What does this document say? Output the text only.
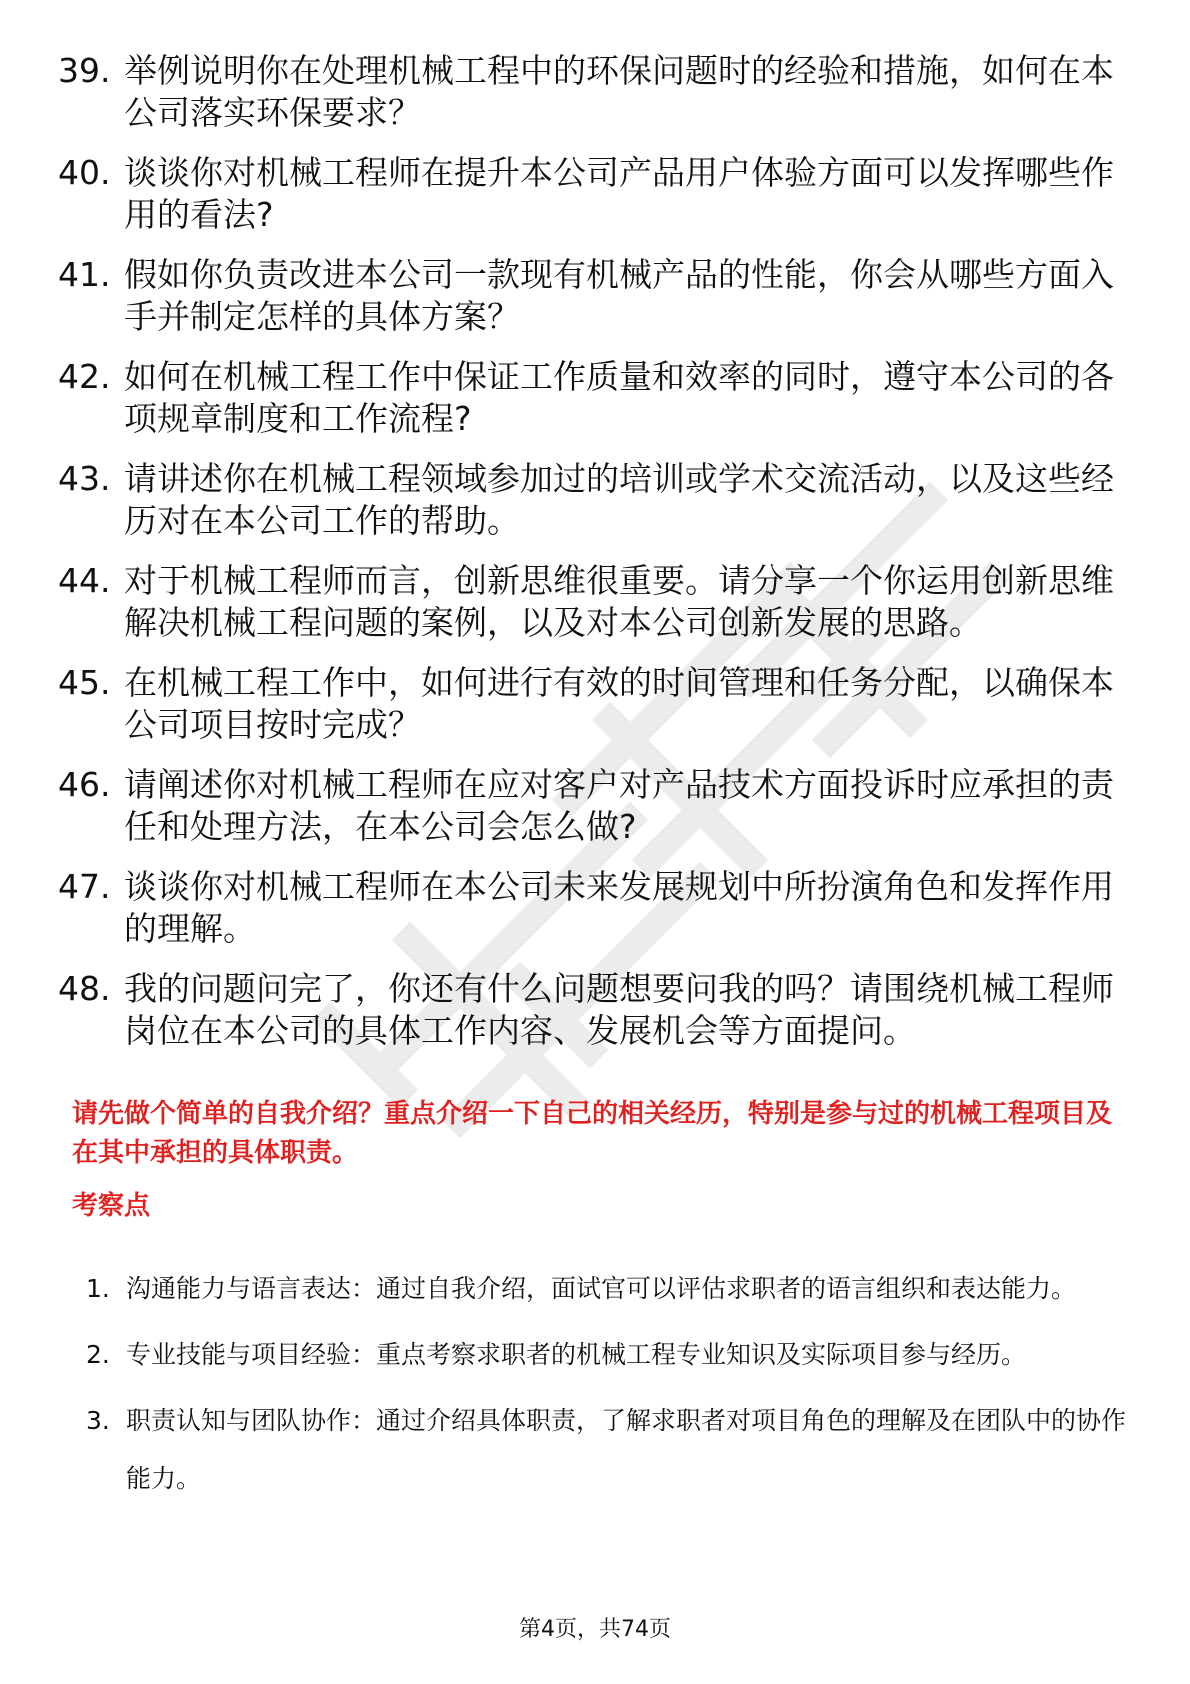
39. 举例说明你在处理机械工程中的环保问题时的经验和措施，如何在本公司落实环保要求？
40. 谈谈你对机械工程师在提升本公司产品用户体验方面可以发挥哪些作用的看法?
41. 假如你负责改进本公司一款现有机械产品的性能，你会从哪些方面入手并制定怎样的具体方案？
42. 如何在机械工程工作中保证工作质量和效率的同时，遵守本公司的各项规章制度和工作流程?
43. 请讲述你在机械工程领域参加过的培训或学术交流活动，以及这些经历对在本公司工作的帮助。
44. 对于机械工程师而言，创新思维很重要。请分享一个你运用创新思维解决机械工程问题的案例，以及对本公司创新发展的思路。
45. 在机械工程工作中，如何进行有效的时间管理和任务分配，以确保本公司项目按时完成？
46. 请阐述你对机械工程师在应对客户对产品技术方面投诉时应承担的责任和处理方法，在本公司会怎么做?
47. 谈谈你对机械工程师在本公司未来发展规划中所扮演角色和发挥作用的理解。
48. 我的问题问完了，你还有什么问题想要问我的吗？请围绕机械工程师岗位在本公司的具体工作内容、发展机会等方面提问。
请先做个简单的自我介绍？重点介绍一下自己的相关经历，特别是参与过的机械工程项目及在其中承担的具体职责。
考察点
1. 沟通能力与语言表达：通过自我介绍，面试官可以评估求职者的语言组织和表达能力。
2. 专业技能与项目经验：重点考察求职者的机械工程专业知识及实际项目参与经历。
3. 职责认知与团队协作：通过介绍具体职责，了解求职者对项目角色的理解及在团队中的协作能力。
第4页，共74页
